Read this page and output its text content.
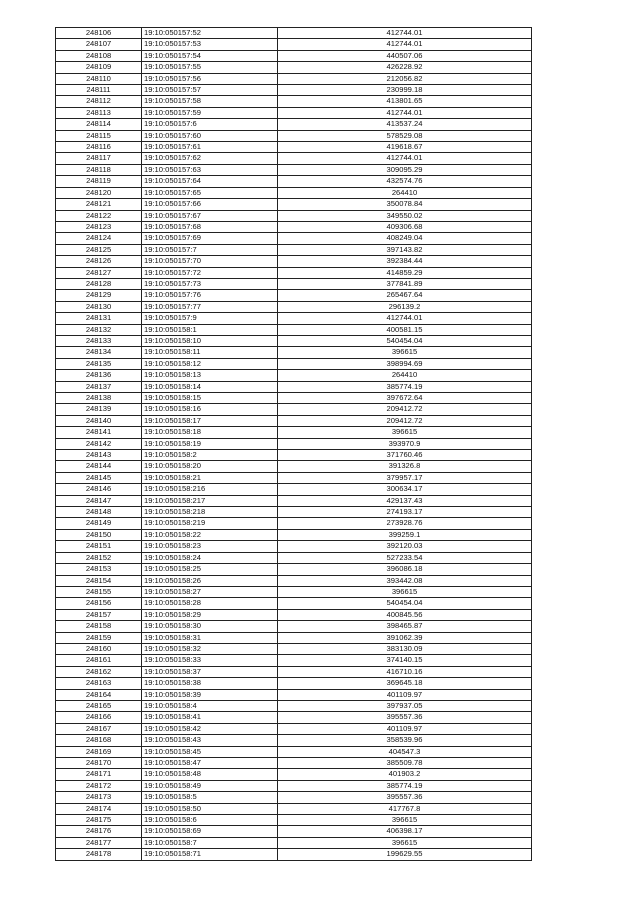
248106	19:10:050157:52	412744.01
248107	19:10:050157:53	412744.01
248108	19:10:050157:54	440507.06
248109	19:10:050157:55	426228.92
248110	19:10:050157:56	212056.82
248111	19:10:050157:57	230999.18
248112	19:10:050157:58	413801.65
248113	19:10:050157:59	412744.01
248114	19:10:050157:6	413537.24
248115	19:10:050157:60	578529.08
248116	19:10:050157:61	419618.67
248117	19:10:050157:62	412744.01
248118	19:10:050157:63	309095.29
248119	19:10:050157:64	432574.76
248120	19:10:050157:65	264410
248121	19:10:050157:66	350078.84
248122	19:10:050157:67	349550.02
248123	19:10:050157:68	409306.68
248124	19:10:050157:69	408249.04
248125	19:10:050157:7	397143.82
248126	19:10:050157:70	392384.44
248127	19:10:050157:72	414859.29
248128	19:10:050157:73	377841.89
248129	19:10:050157:76	265467.64
248130	19:10:050157:77	296139.2
248131	19:10:050157:9	412744.01
248132	19:10:050158:1	400581.15
248133	19:10:050158:10	540454.04
248134	19:10:050158:11	396615
248135	19:10:050158:12	398994.69
248136	19:10:050158:13	264410
248137	19:10:050158:14	385774.19
248138	19:10:050158:15	397672.64
248139	19:10:050158:16	209412.72
248140	19:10:050158:17	209412.72
248141	19:10:050158:18	396615
248142	19:10:050158:19	393970.9
248143	19:10:050158:2	371760.46
248144	19:10:050158:20	391326.8
248145	19:10:050158:21	379957.17
248146	19:10:050158:216	300634.17
248147	19:10:050158:217	429137.43
248148	19:10:050158:218	274193.17
248149	19:10:050158:219	273928.76
248150	19:10:050158:22	399259.1
248151	19:10:050158:23	392120.03
248152	19:10:050158:24	527233.54
248153	19:10:050158:25	396086.18
248154	19:10:050158:26	393442.08
248155	19:10:050158:27	396615
248156	19:10:050158:28	540454.04
248157	19:10:050158:29	400845.56
248158	19:10:050158:30	398465.87
248159	19:10:050158:31	391062.39
248160	19:10:050158:32	383130.09
248161	19:10:050158:33	374140.15
248162	19:10:050158:37	416710.16
248163	19:10:050158:38	369645.18
248164	19:10:050158:39	401109.97
248165	19:10:050158:4	397937.05
248166	19:10:050158:41	395557.36
248167	19:10:050158:42	401109.97
248168	19:10:050158:43	358539.96
248169	19:10:050158:45	404547.3
248170	19:10:050158:47	385509.78
248171	19:10:050158:48	401903.2
248172	19:10:050158:49	385774.19
248173	19:10:050158:5	395557.36
248174	19:10:050158:50	417767.8
248175	19:10:050158:6	396615
248176	19:10:050158:69	406398.17
248177	19:10:050158:7	396615
248178	19:10:050158:71	199629.55
